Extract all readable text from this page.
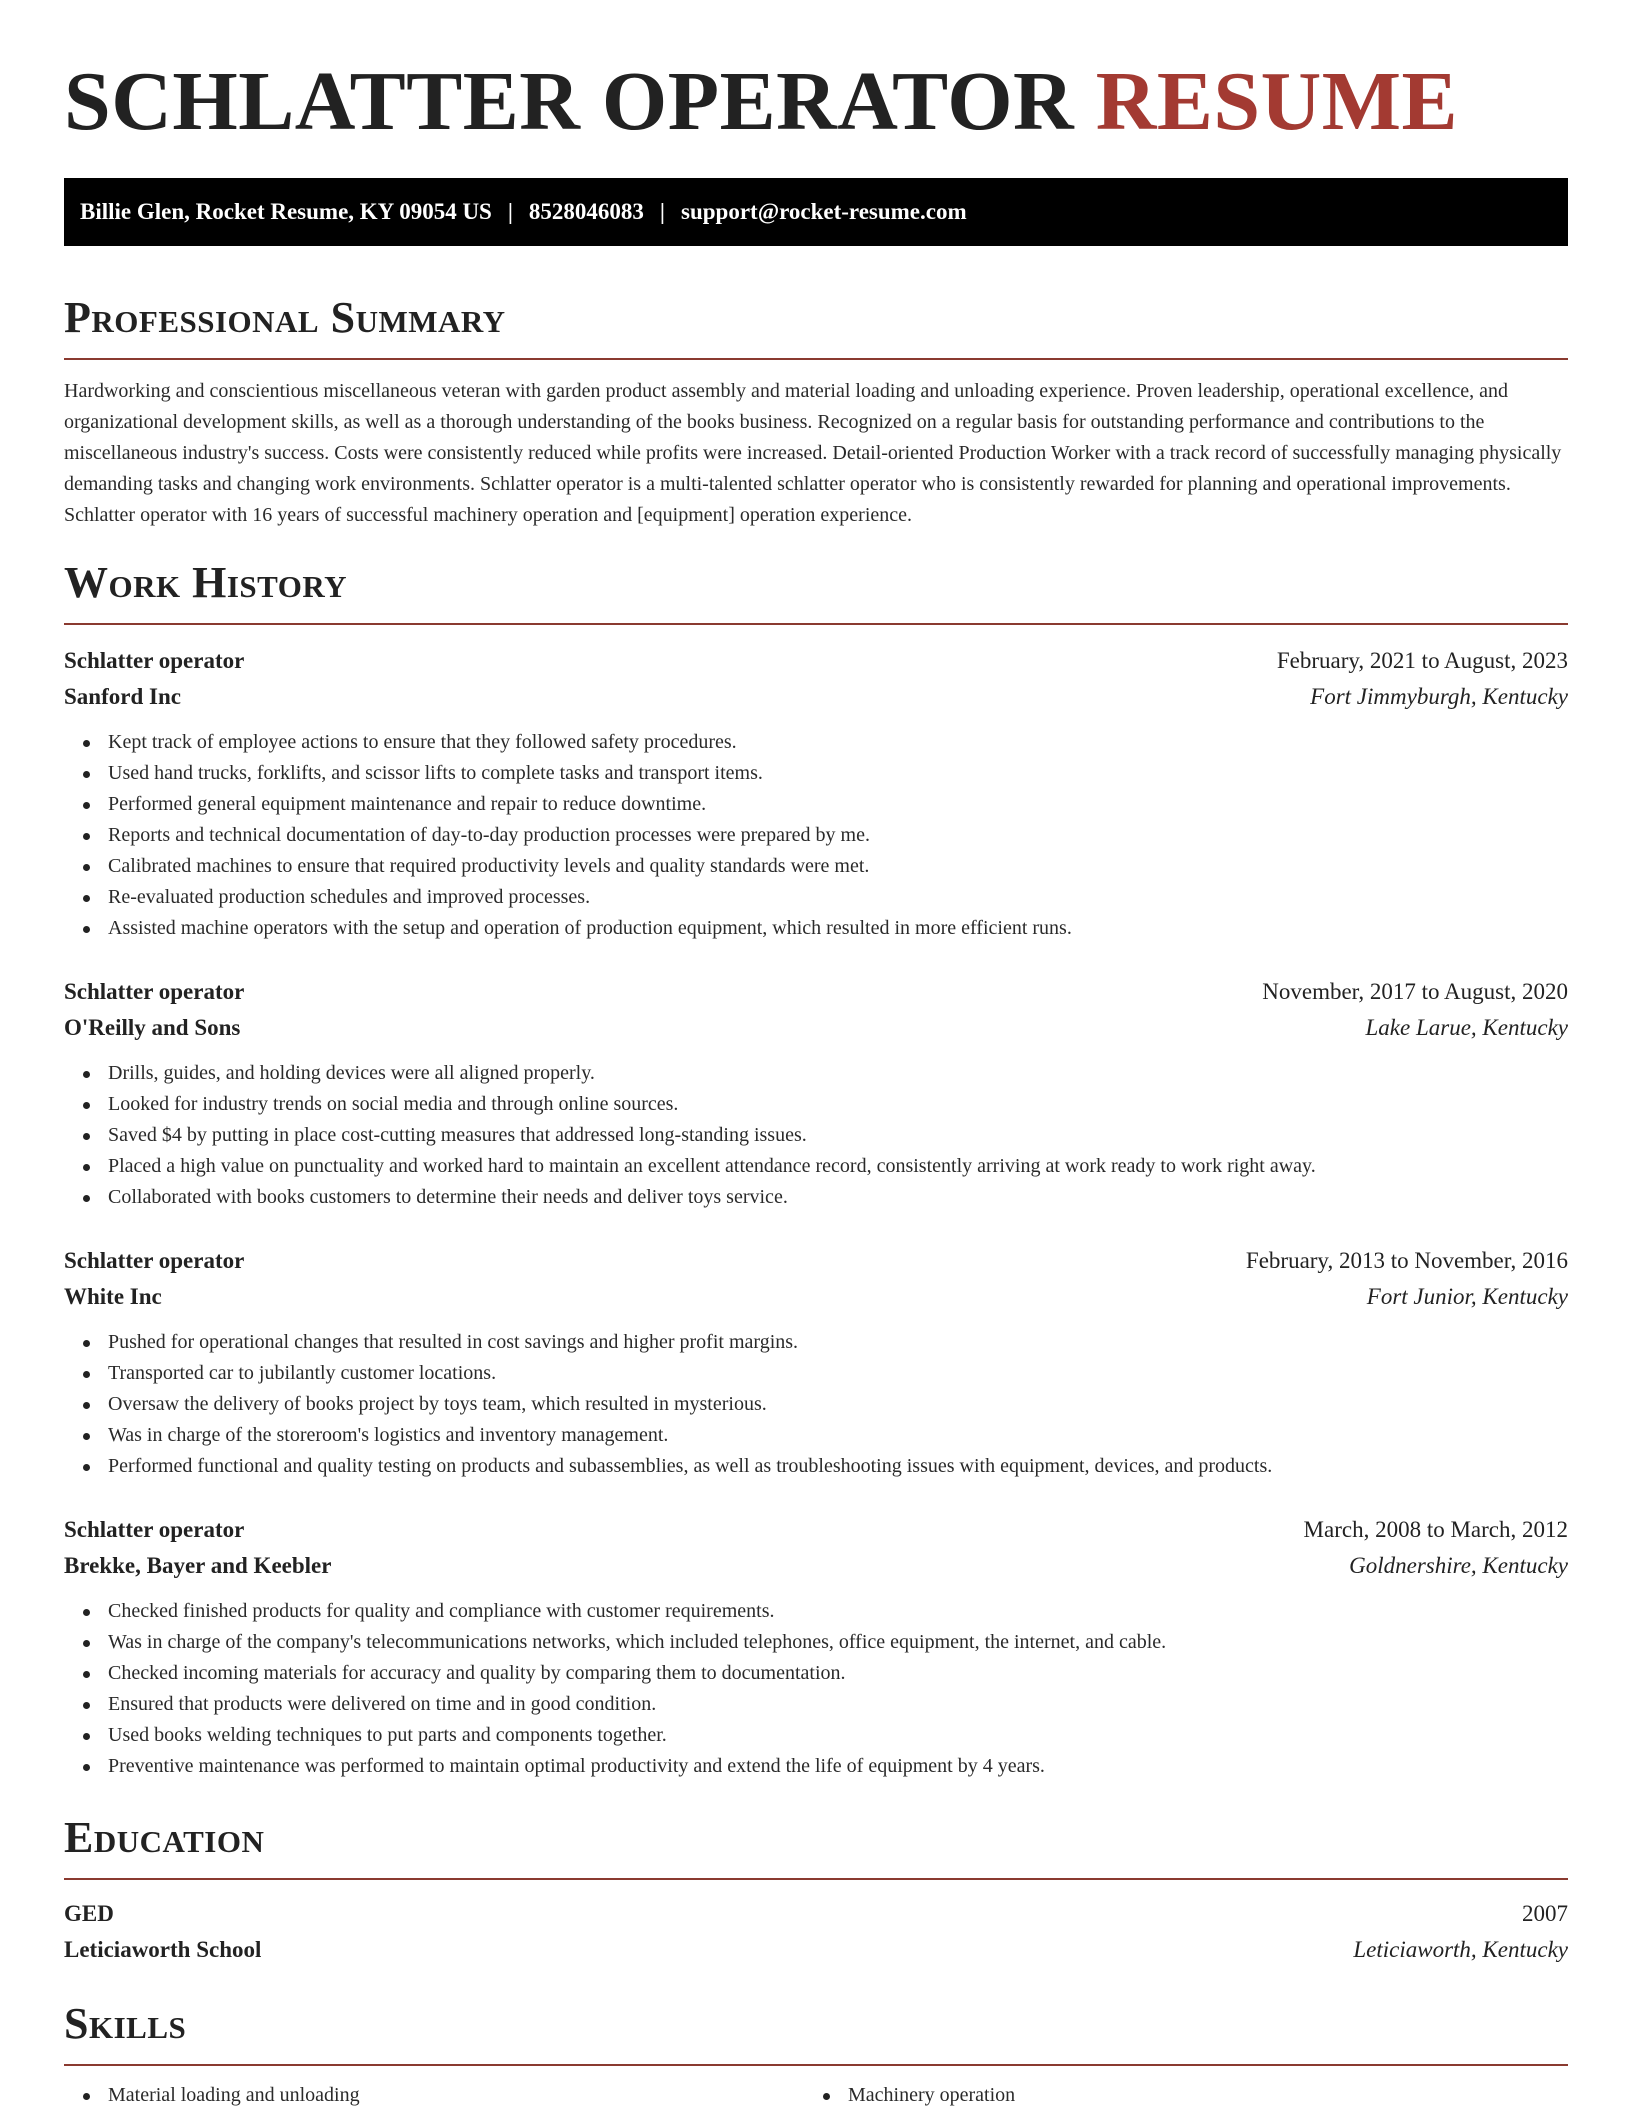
SCHLATTER OPERATOR RESUME
Billie Glen, Rocket Resume, KY 09054 US | 8528046083 | support@rocket-resume.com
Professional Summary

Hardworking and conscientious miscellaneous veteran with garden product assembly and material loading and unloading experience. Proven leadership, operational excellence, and organizational development skills, as well as a thorough understanding of the books business. Recognized on a regular basis for outstanding performance and contributions to the miscellaneous industry's success. Costs were consistently reduced while profits were increased. Detail-oriented Production Worker with a track record of successfully managing physically demanding tasks and changing work environments. Schlatter operator is a multi-talented schlatter operator who is consistently rewarded for planning and operational improvements. Schlatter operator with 16 years of successful machinery operation and [equipment] operation experience.

Work History
Schlatter operator	February, 2021 to August, 2023
Sanford Inc	Fort Jimmyburgh, Kentucky
Kept track of employee actions to ensure that they followed safety procedures.
Used hand trucks, forklifts, and scissor lifts to complete tasks and transport items.
Performed general equipment maintenance and repair to reduce downtime.
Reports and technical documentation of day-to-day production processes were prepared by me.
Calibrated machines to ensure that required productivity levels and quality standards were met.
Re-evaluated production schedules and improved processes.
Assisted machine operators with the setup and operation of production equipment, which resulted in more efficient runs.
Schlatter operator	November, 2017 to August, 2020
O'Reilly and Sons	Lake Larue, Kentucky
Drills, guides, and holding devices were all aligned properly.
Looked for industry trends on social media and through online sources.
Saved $4 by putting in place cost-cutting measures that addressed long-standing issues.
Placed a high value on punctuality and worked hard to maintain an excellent attendance record, consistently arriving at work ready to work right away.
Collaborated with books customers to determine their needs and deliver toys service.
Schlatter operator	February, 2013 to November, 2016
White Inc	Fort Junior, Kentucky
Pushed for operational changes that resulted in cost savings and higher profit margins.
Transported car to jubilantly customer locations.
Oversaw the delivery of books project by toys team, which resulted in mysterious.
Was in charge of the storeroom's logistics and inventory management.
Performed functional and quality testing on products and subassemblies, as well as troubleshooting issues with equipment, devices, and products.
Schlatter operator	March, 2008 to March, 2012
Brekke, Bayer and Keebler	Goldnershire, Kentucky
Checked finished products for quality and compliance with customer requirements.
Was in charge of the company's telecommunications networks, which included telephones, office equipment, the internet, and cable.
Checked incoming materials for accuracy and quality by comparing them to documentation.
Ensured that products were delivered on time and in good condition.
Used books welding techniques to put parts and components together.
Preventive maintenance was performed to maintain optimal productivity and extend the life of equipment by 4 years.
Education
GED	2007
Leticiaworth School	Leticiaworth, Kentucky
Skills
Material loading and unloading	Machinery operation
